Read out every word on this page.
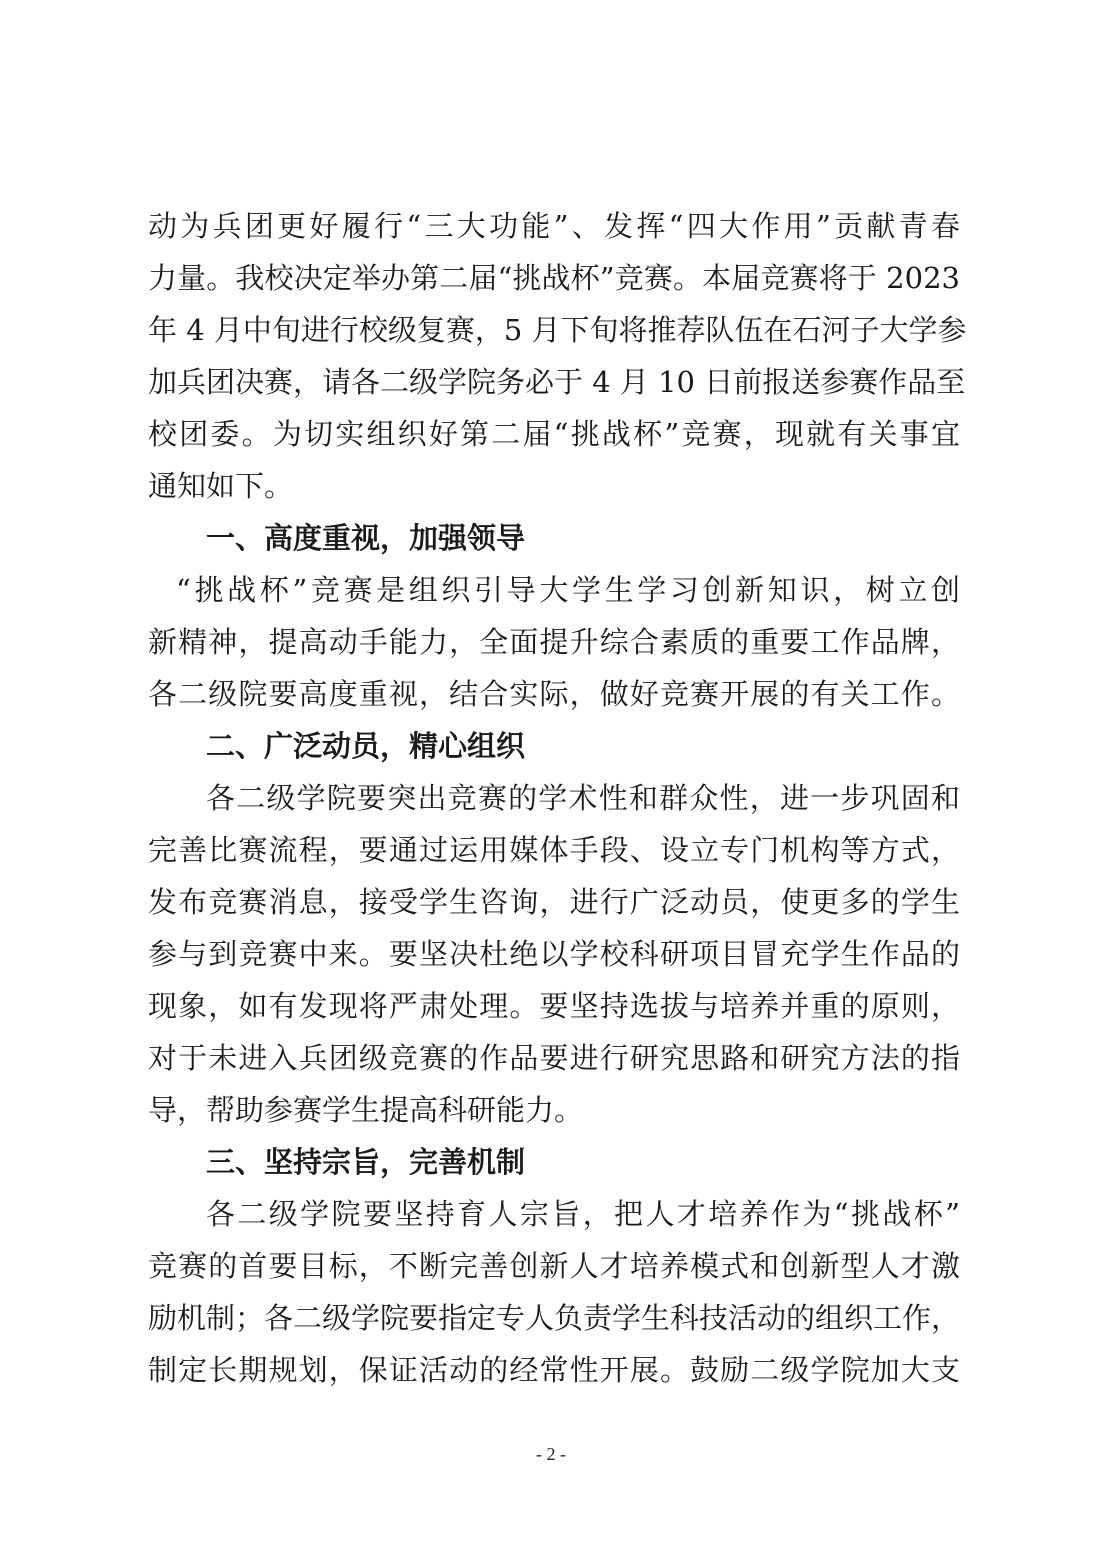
动为兵团更好履行“三大功能”、发挥“四大作用”贡献青春
力量。我校决定举办第二届“挑战杯”竞赛。本届竞赛将于 2023
年 4 月中旬进行校级复赛，5 月下旬将推荐队伍在石河子大学参
加兵团决赛，请各二级学院务必于 4 月 10 日前报送参赛作品至
校团委。为切实组织好第二届“挑战杯”竞赛，现就有关事宜
通知如下。
一、高度重视，加强领导
“挑战杯”竞赛是组织引导大学生学习创新知识，树立创
新精神，提高动手能力，全面提升综合素质的重要工作品牌，
各二级院要高度重视，结合实际，做好竞赛开展的有关工作。
二、广泛动员，精心组织
各二级学院要突出竞赛的学术性和群众性，进一步巩固和
完善比赛流程，要通过运用媒体手段、设立专门机构等方式，
发布竞赛消息，接受学生咨询，进行广泛动员，使更多的学生
参与到竞赛中来。要坚决杜绝以学校科研项目冒充学生作品的
现象，如有发现将严肃处理。要坚持选拔与培养并重的原则，
对于未进入兵团级竞赛的作品要进行研究思路和研究方法的指
导，帮助参赛学生提高科研能力。
三、坚持宗旨，完善机制
各二级学院要坚持育人宗旨，把人才培养作为“挑战杯”
竞赛的首要目标，不断完善创新人才培养模式和创新型人才激
励机制；各二级学院要指定专人负责学生科技活动的组织工作，
制定长期规划，保证活动的经常性开展。鼓励二级学院加大支
- 2 -
